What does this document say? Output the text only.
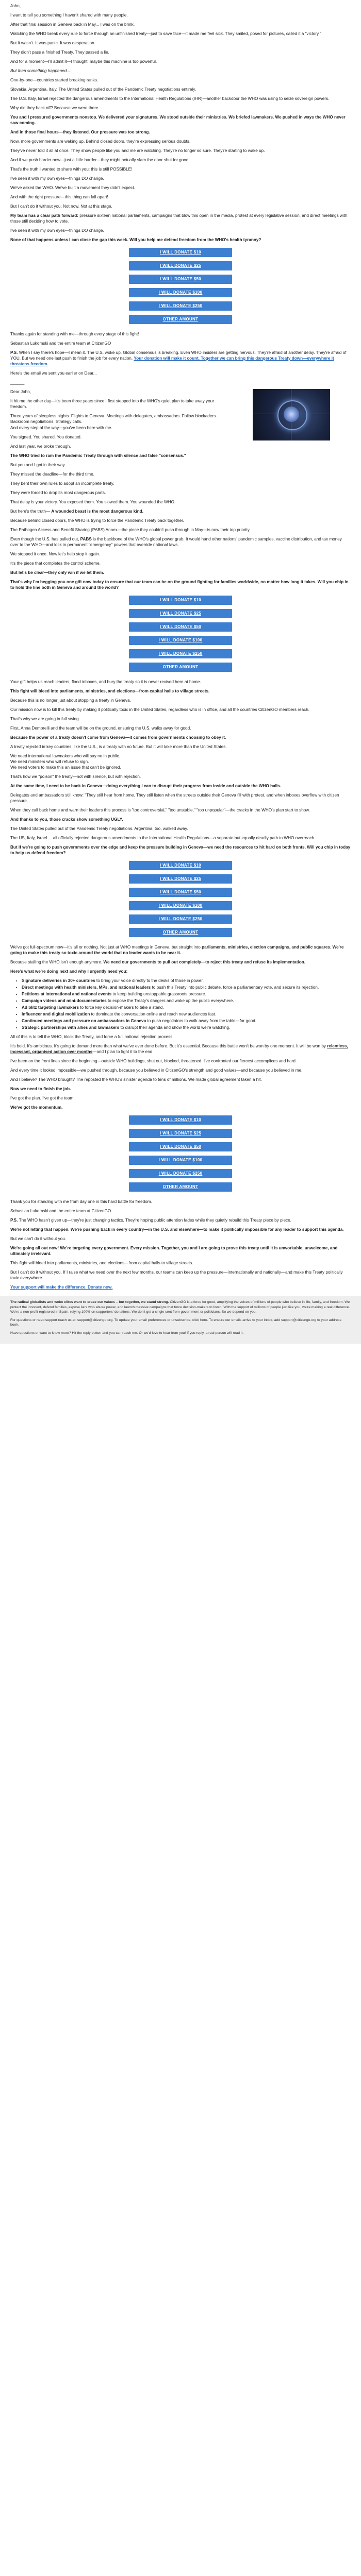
John,

I want to tell you something I haven't shared with many people.

After that final session in Geneva back in May... I was on the brink.

Watching the WHO break every rule to force through an unfinished treaty—just to save face—it made me feel sick. They smiled, posed for pictures, called it a "victory."

But it wasn't. It was panic. It was desperation.

They didn't pass a finished Treaty. They passed a lie.

And for a moment—I'll admit it—I thought: maybe this machine is too powerful.

But then something happened...

One-by-one—countries started breaking ranks.

Slovakia. Argentina. Italy. The United States pulled out of the Pandemic Treaty negotiations entirely.

The U.S. Italy, Israel rejected the dangerous amendments to the International Health Regulations (IHR)—another backdoor the WHO was using to seize sovereign powers.

Why did they back off? Because we were there.

You and I pressured governments nonstop. We delivered your signatures. We stood outside their ministries. We briefed lawmakers. We pushed in ways the WHO never saw coming.

And in those final hours—they listened. Our pressure was too strong.

Now, more governments are waking up. Behind closed doors, they're expressing serious doubts.

They've never told it all at once. They show people like you and me are watching. They're no longer so sure. They're starting to wake up.

And if we push harder now—just a little harder—they might actually slam the door shut for good.

That's the truth I wanted to share with you: this is still POSSIBLE!

I've seen it with my own eyes—things DO change.

We've asked the WHO. We've built a movement they didn't expect.

And with the right pressure—this thing can fall apart!

But I can't do it without you. Not now. Not at this stage.

My team has a clear path forward: pressure sixteen national parliaments, campaigns that blow this open in the media, protest at every legislative session, and direct meetings with those still deciding how to vote.

I've seen it with my own eyes—things DO change.

None of that happens unless I can close the gap this week. Will you help me defend freedom from the WHO's health tyranny?

I WILL DONATE $10
I WILL DONATE $25
I WILL DONATE $50
I WILL DONATE $100
I WILL DONATE $250
OTHER AMOUNT

Thanks again for standing with me—through every stage of this fight!

Sebastian Lukomski and the entire team at CitizenGO

P.S. When I say there's hope—I mean it. The U.S. woke up. Global consensus is breaking. Even WHO insiders are getting nervous. They're afraid of another delay. They're afraid of YOU. But we need one last push to finish the job for every nation. Your donation will make it count. Together we can bring this dangerous Treaty down—everywhere it threatens freedom.

Here's the email we sent you earlier on Dear...

______

Dear John,

It hit me the other day—it's been three years since I first stepped into the WHO's quiet plan to take away your freedom.

Three years of sleepless nights. Flights to Geneva. Meetings with delegates, ambassadors. Follow blockaders. Backroom negotiations. Strategy calls.

And every step of the way—you've been here with me.

You signed. You shared. You donated.

And last year, we broke through.

The WHO tried to ram the Pandemic Treaty through with silence and false "consensus."

But you and I got in their way.

They missed the deadline—for the third time.

They bent their own rules to adopt an incomplete treaty.

They were forced to drop its most dangerous parts.

That delay is your victory. You exposed them. You slowed them. You wounded the WHO.

But here's the truth— A wounded beast is the most dangerous kind.

Because behind closed doors, the WHO is trying to force the Pandemic Treaty back together.

The Pathogen Access and Benefit Sharing (PABS) Annex—the piece they couldn't push through in May—is now their top priority.

Even though the U.S. has pulled out, PABS is the backbone of the WHO's global power grab. It would hand other nations' pandemic samples, vaccine distribution, and tax money over to the WHO—and lock in permanent "emergency" powers that override national laws.

We stopped it once. Now let's help stop it again.

It's the piece that completes the control scheme.

But let's be clear—they only win if we let them.

That's why I'm begging you one gift now today to ensure that our team can be on the ground fighting for families worldwide, no matter how long it takes. Will you chip in to hold the line both in Geneva and around the world?

I WILL DONATE $10
I WILL DONATE $25
I WILL DONATE $50
I WILL DONATE $100
I WILL DONATE $250
OTHER AMOUNT

Your gift helps us reach leaders, flood inboxes, and bury the treaty so it is never revived here at home.

This fight will bleed into parliaments, ministries, and elections—from capital halls to village streets.

Because this is no longer just about stopping a treaty in Geneva.

Our mission now is to kill this treaty by making it politically toxic in the United States, regardless who is in office, and all the countries CitizenGO members reach.

That's why we are going in full swing.

First, Anna Demorelli and the team will be on the ground, ensuring the U.S. walks away for good.

Because the power of a treaty doesn't come from Geneva—it comes from governments choosing to obey it.

A treaty rejected in key countries, like the U.S., is a treaty with no future. But it will take more than the United States.

We need international lawmakers who will say no in public.

We need ministers who will refuse to sign.

We need voters to make this an issue that can't be ignored.

That's how we "poison" the treaty—not with silence, but with rejection.

At the same time, I need to be back in Geneva—doing everything I can to disrupt their progress from inside and outside the WHO halls.

Delegates and ambassadors still know: "They still hear from home. They still listen when the streets outside their Geneva fill with protest, and when inboxes overflow with citizen pressure.

When they call back home and warn their leaders this process is "too controversial," "too unstable," "too unpopular"—the cracks in the WHO's plan start to show.

And thanks to you, those cracks show something UGLY.

The United States pulled out of the Pandemic Treaty negotiations. Argentina, too, walked away.

The US, Italy, Israel ... all officially rejected dangerous amendments to the International Health Regulations—a separate but equally deadly path to WHO overreach.

But if we're going to push governments over the edge and keep the pressure building in Geneva—we need the resources to hit hard on both fronts. Will you chip in today to help us defend freedom?

I WILL DONATE $10
I WILL DONATE $25
I WILL DONATE $50
I WILL DONATE $100
I WILL DONATE $250
OTHER AMOUNT

We've got full-spectrum now—it's all or nothing. Not just at WHO meetings in Geneva, but straight into parliaments, ministries, election campaigns, and public squares. We're going to make this treaty so toxic around the world that no leader wants to be near it.

Because stalling the WHO isn't enough anymore. We need our governments to pull out completely—to reject this treaty and refuse its implementation.

Here's what we're doing next and why I urgently need you:

• Signature deliveries in 30+ countries to bring your voice directly to the desks of those in power.
• Direct meetings with health ministers, MPs, and national leaders to push this Treaty into public debate, force a parliamentary vote, and secure its rejection.
• Petitions at international and national events to keep building unstoppable grassroots pressure.
• Campaign videos and mini-documentaries to expose the Treaty's dangers and wake up the public everywhere.
• Ad blitz targeting lawmakers to force key decision-makers to take a stand.
• Influencer and digital mobilization to dominate the conversation online and reach new audiences fast.
• Continued meetings and pressure on ambassadors in Geneva to push negotiators to walk away from the table—for good.
• Strategic partnerships with allies and lawmakers to disrupt their agenda and show the world we're watching.

All of this is to tell the WHO, block the Treaty, and force a full national rejection process.

It's bold. It's ambitious. It's going to demand more than what we've ever done before. But it's essential. Because this battle won't be won by one moment. It will be won by relentless, incessant, organised action over months—and I plan to fight it to the end.

I've been on the front lines since the beginning—outside WHO buildings, shut out, blocked, threatened. I've confronted our fiercest accomplices and hard.

And every time it looked impossible—we pushed through, because you believed in CitizenGO's strength and good values—and because you believed in me.

And I believe? The WHO brought? The reposted the WHO's sinister agenda to tens of millions. We made global agreement taken a hit.

Now we need to finish the job.

I've got the plan. I've got the team.

We've got the momentum.

I WILL DONATE $10
I WILL DONATE $25
I WILL DONATE $50
I WILL DONATE $100
I WILL DONATE $250
OTHER AMOUNT

Thank you for standing with me from day one in this hard battle for freedom.

Sebastian Lukomski and the entire team at CitizenGO

P.S. The WHO hasn't given up—they're just changing tactics. They're hoping public attention fades while they quietly rebuild this Treaty piece by piece.

We're not letting that happen. We're pushing back in every country—in the U.S. and elsewhere—to make it politically impossible for any leader to support this agenda.

But we can't do it without you.

We're going all out now! We're targeting every government. Every mission. Together, you and I are going to prove this treaty until it is unworkable, unwelcome, and ultimately irrelevant.

This fight will bleed into parliaments, ministries, and elections—from capital halls to village streets.

But I can't do it without you. If I raise what we need over the next few months, our teams can keep up the pressure—internationally and nationally—and make this Treaty politically toxic everywhere.

Your support will make the difference. Donate now.

The radical globalists and woke elites want to erase our values – but together, we stand strong. CitizenGO is a force for good, amplifying the voices of millions of people who believe in life, family, and freedom. We protect the innocent, defend families, expose liars who abuse power, and launch massive campaigns that force decision-makers to listen. With the support of millions of people just like you, we're making a real difference. We're a non-profit registered in Spain, relying 100% on supporters' donations. We don't get a single cent from government or politicians. So we depend on you.

For questions or need support reach us at: support@citizengo.org. To update your email preferences or unsubscribe, click here. To ensure our emails arrive to your inbox, add support@citizengo.org to your address book.

Have questions or want to know more? Hit the reply button and you can reach me. Or we'd love to hear from you! If you reply, a real person will read it.
